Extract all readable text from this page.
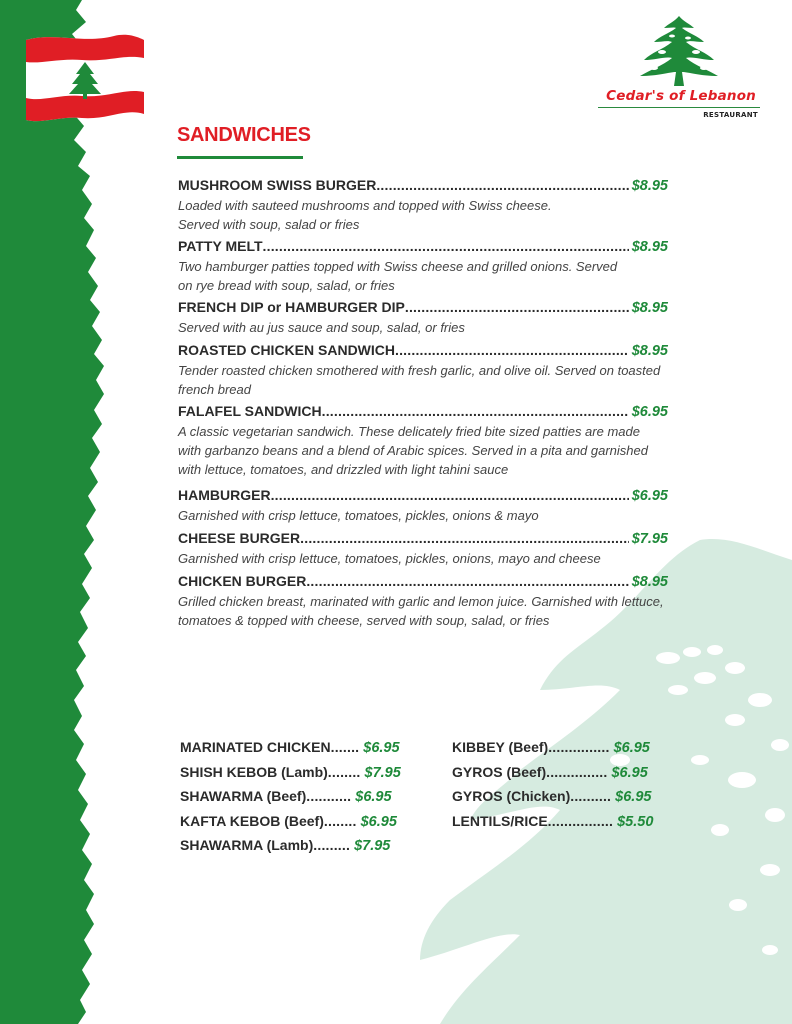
Cedar's of Lebanon
RESTAURANT
SANDWICHES
MUSHROOM SWISS BURGER .....	$8.95
Loaded with sauteed mushrooms and topped with Swiss cheese. Served with soup, salad or fries
PATTY MELT .....	$8.95
Two hamburger patties topped with Swiss cheese and grilled onions. Served on rye bread with soup, salad, or fries
FRENCH DIP or HAMBURGER DIP .....	$8.95
Served with au jus sauce and soup, salad, or fries
ROASTED CHICKEN SANDWICH .....	$8.95
Tender roasted chicken smothered with fresh garlic, and olive oil. Served on toasted french bread
FALAFEL SANDWICH .....	$6.95
A classic vegetarian sandwich. These delicately fried bite sized patties are made with garbanzo beans and a blend of Arabic spices. Served in a pita and garnished with lettuce, tomatoes, and drizzled with light tahini sauce
HAMBURGER .....	$6.95
Garnished with crisp lettuce, tomatoes, pickles, onions & mayo
CHEESE BURGER .....	$7.95
Garnished with crisp lettuce, tomatoes, pickles, onions, mayo and cheese
CHICKEN BURGER .....	$8.95
Grilled chicken breast, marinated with garlic and lemon juice. Garnished with lettuce, tomatoes & topped with cheese, served with soup, salad, or fries
MARINATED CHICKEN ....... $6.95
SHISH KEBOB (Lamb) ........ $7.95
SHAWARMA (Beef) ........... $6.95
KAFTA KEBOB (Beef) ........ $6.95
SHAWARMA (Lamb) ......... $7.95
KIBBEY (Beef) ............... $6.95
GYROS (Beef) ............... $6.95
GYROS (Chicken) .......... $6.95
LENTILS/RICE ................ $5.50
